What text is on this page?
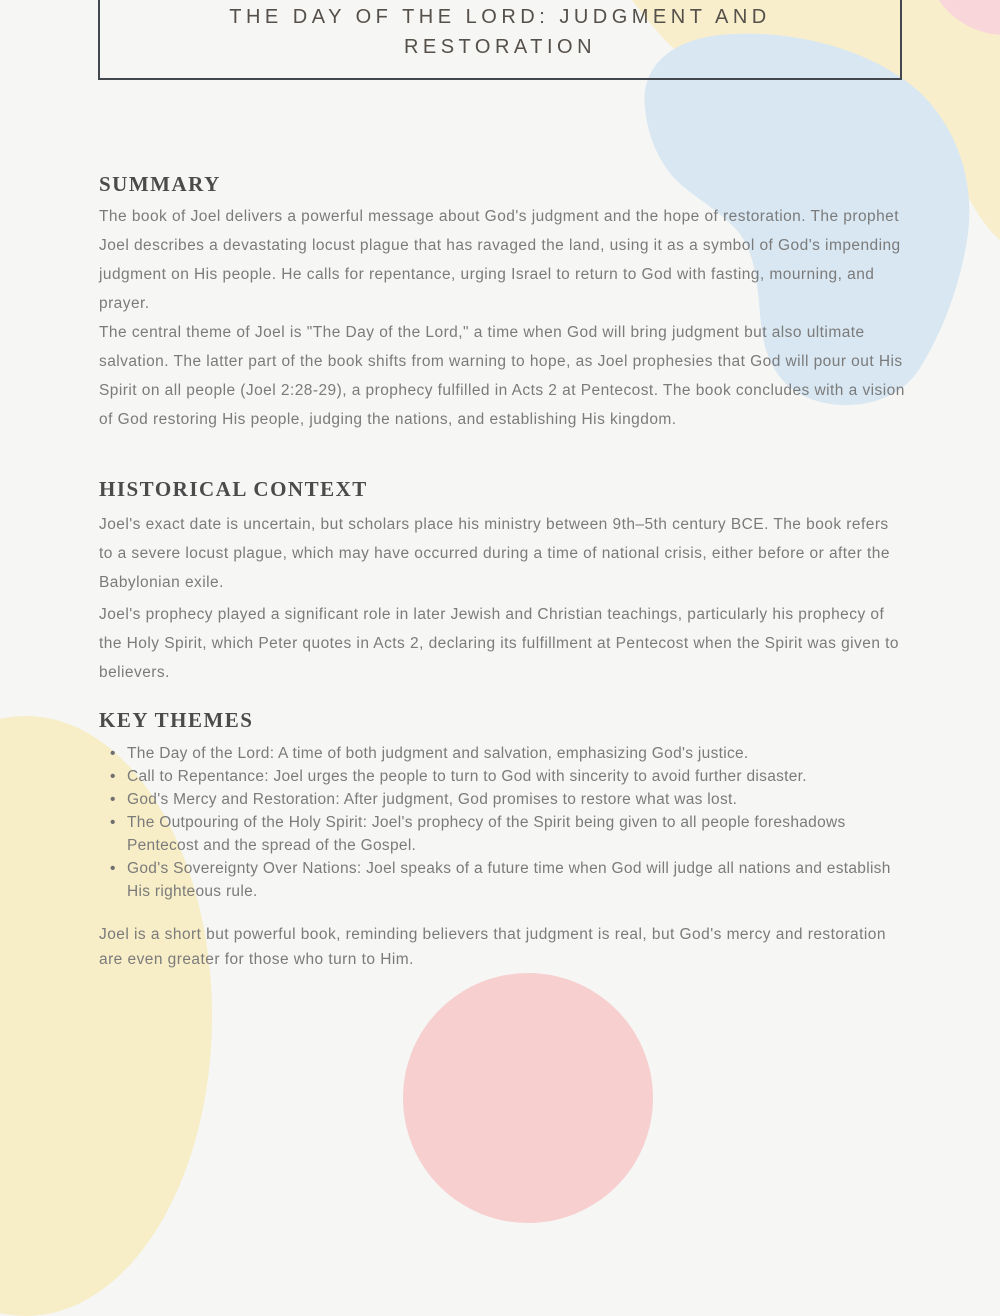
THE DAY OF THE LORD: JUDGMENT AND RESTORATION
SUMMARY

The book of Joel delivers a powerful message about God's judgment and the hope of restoration. The prophet Joel describes a devastating locust plague that has ravaged the land, using it as a symbol of God's impending judgment on His people. He calls for repentance, urging Israel to return to God with fasting, mourning, and prayer.

The central theme of Joel is "The Day of the Lord," a time when God will bring judgment but also ultimate salvation. The latter part of the book shifts from warning to hope, as Joel prophesies that God will pour out His Spirit on all people (Joel 2:28-29), a prophecy fulfilled in Acts 2 at Pentecost. The book concludes with a vision of God restoring His people, judging the nations, and establishing His kingdom.

HISTORICAL CONTEXT

Joel's exact date is uncertain, but scholars place his ministry between 9th–5th century BCE. The book refers to a severe locust plague, which may have occurred during a time of national crisis, either before or after the Babylonian exile.

Joel's prophecy played a significant role in later Jewish and Christian teachings, particularly his prophecy of the Holy Spirit, which Peter quotes in Acts 2, declaring its fulfillment at Pentecost when the Spirit was given to believers.

KEY THEMES
• The Day of the Lord: A time of both judgment and salvation, emphasizing God's justice.
• Call to Repentance: Joel urges the people to turn to God with sincerity to avoid further disaster.
• God's Mercy and Restoration: After judgment, God promises to restore what was lost.
• The Outpouring of the Holy Spirit: Joel's prophecy of the Spirit being given to all people foreshadows Pentecost and the spread of the Gospel.
• God's Sovereignty Over Nations: Joel speaks of a future time when God will judge all nations and establish His righteous rule.

Joel is a short but powerful book, reminding believers that judgment is real, but God's mercy and restoration are even greater for those who turn to Him.
